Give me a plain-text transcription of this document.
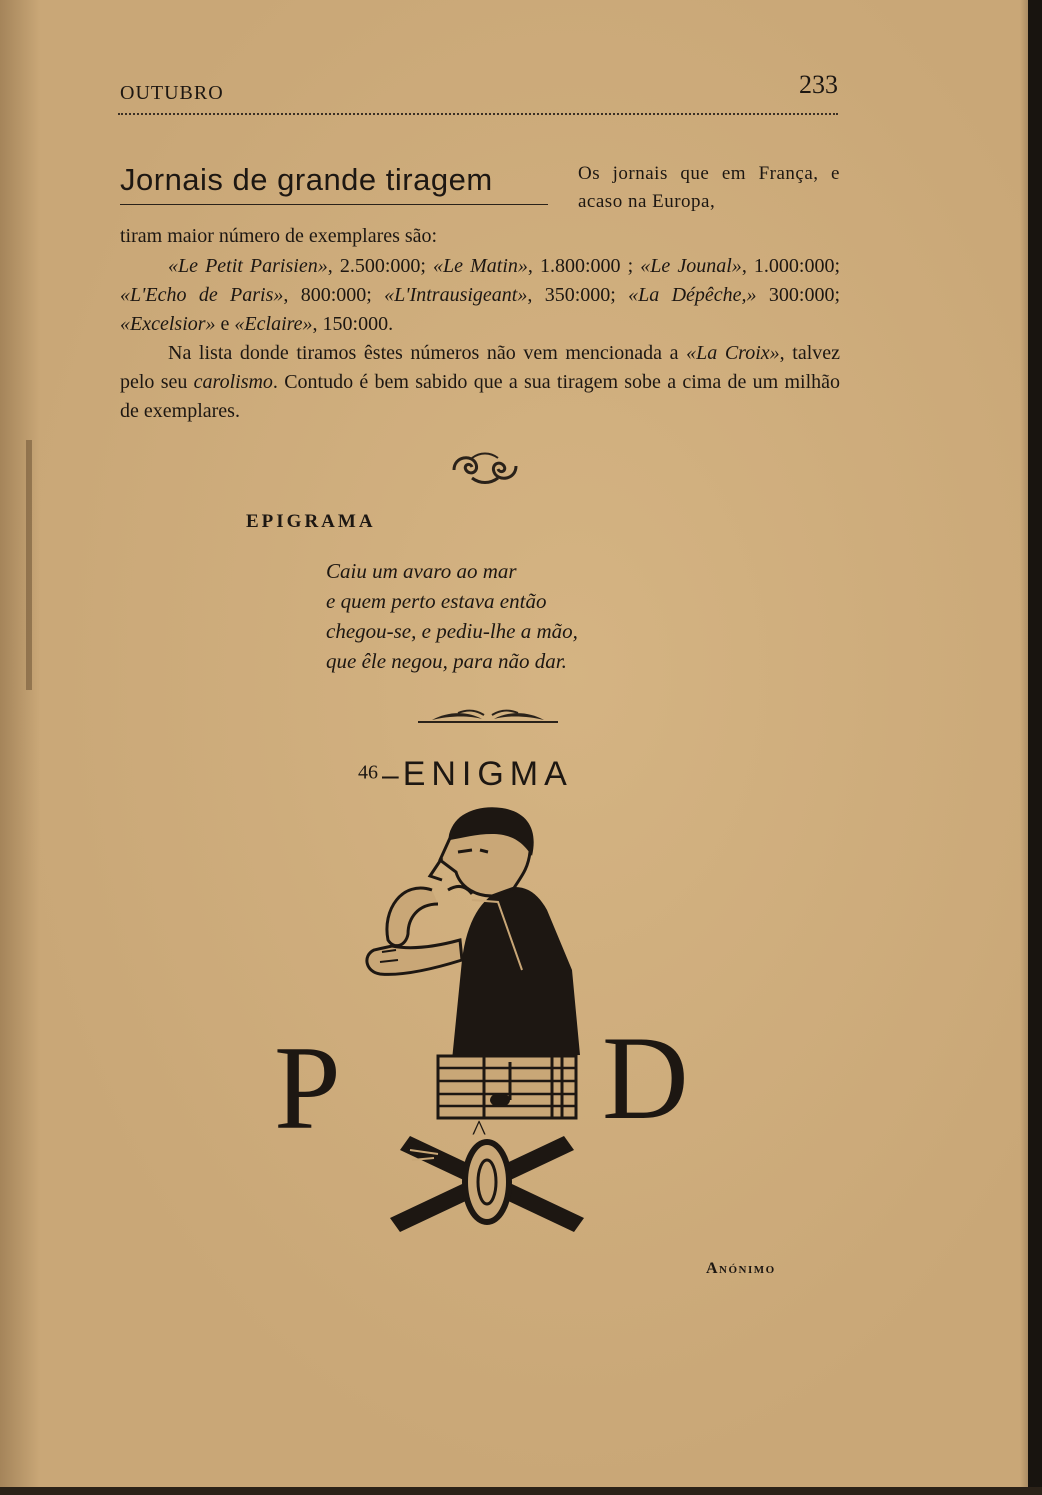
OUTUBRO	233
Jornais de grande tiragem	Os jornais que em França, e acaso na Europa,
tiram maior número de exemplares são:
«Le Petit Parisien», 2.500:000; «Le Matin», 1.800:000 ; «Le Jounal», 1.000:000; «L'Echo de Paris», 800:000; «L'Intrausigeant», 350:000; «La Dépêche,» 300:000; «Excelsior» e «Eclaire», 150:000.
Na lista donde tiramos êstes números não vem mencionada a «La Croix», talvez pelo seu carolismo. Contudo é bem sabido que a sua tiragem sobe a cima de um milhão de exemplares.
EPIGRAMA
Caiu um avaro ao mar
e quem perto estava então
chegou-se, e pediu-lhe a mão,
que êle negou, para não dar.
46 – ENIGMA
P D
^
Anónimo
